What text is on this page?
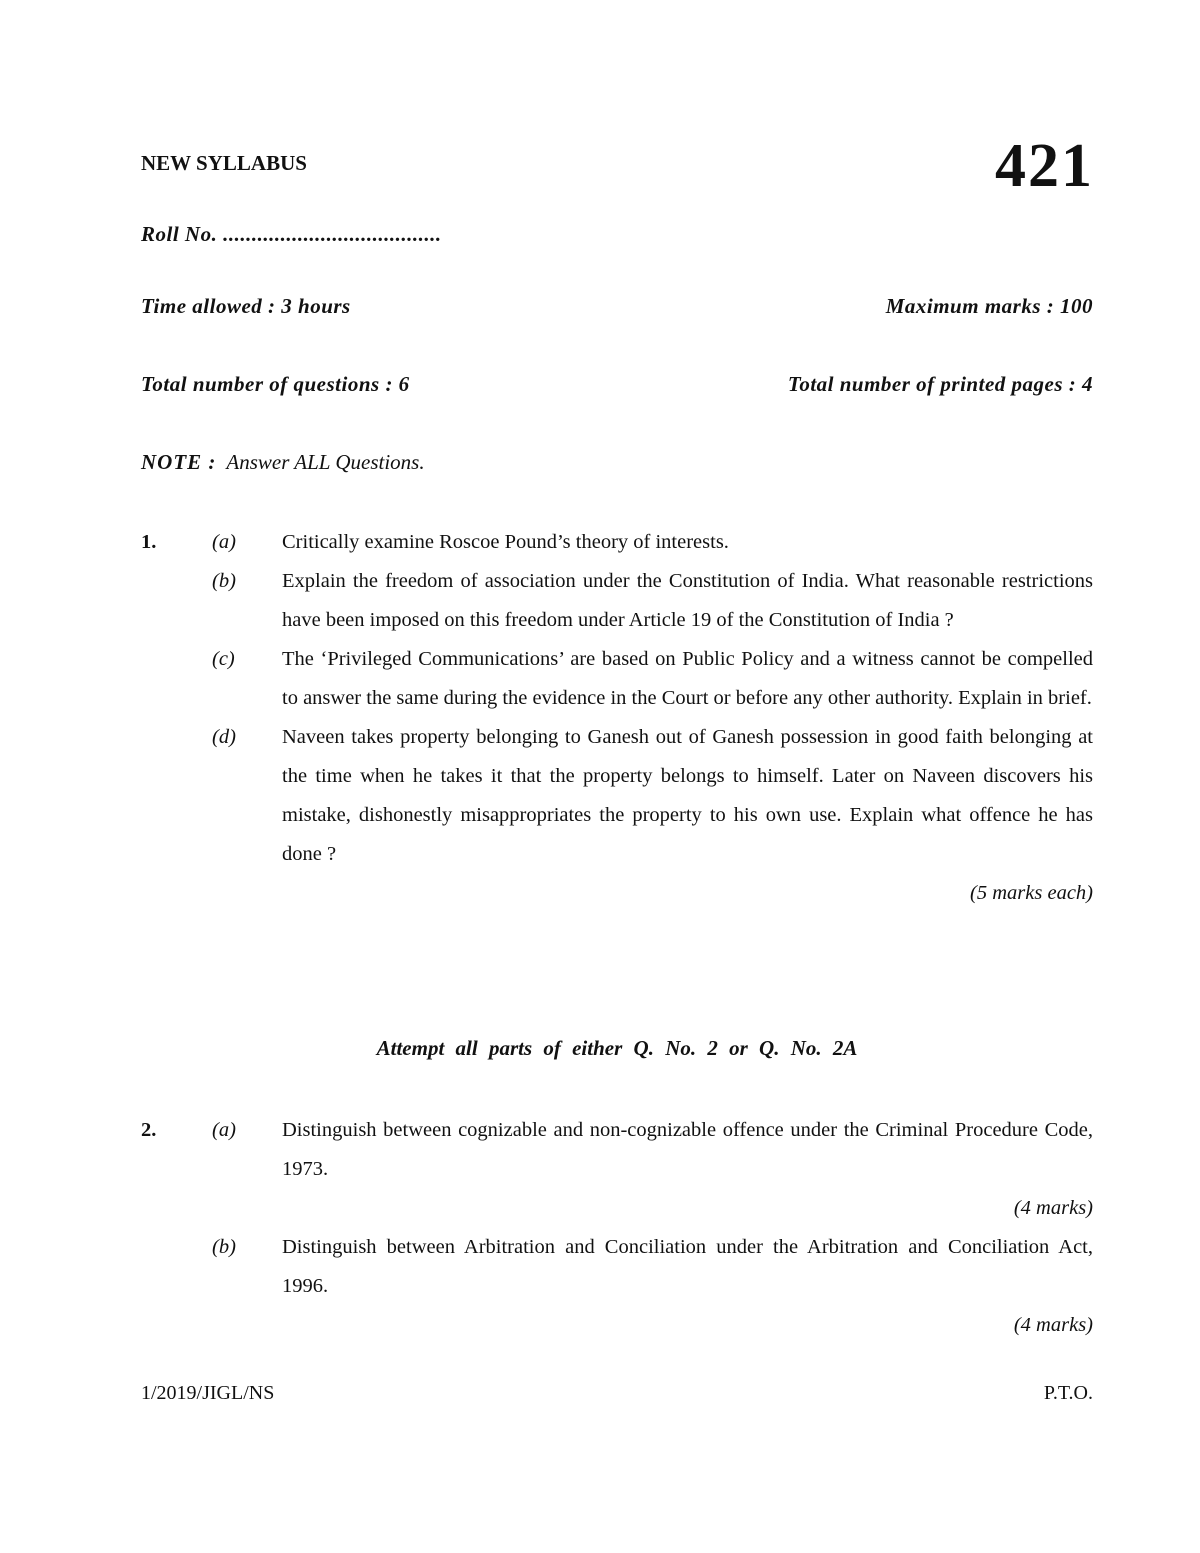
NEW SYLLABUS	421
Roll No. ......................................
Time allowed : 3 hours	Maximum marks : 100
Total number of questions : 6	Total number of printed pages : 4
NOTE : Answer ALL Questions.
1.	(a)	Critically examine Roscoe Pound’s theory of interests.
(b)	Explain the freedom of association under the Constitution of India. What reasonable restrictions have been imposed on this freedom under Article 19 of the Constitution of India ?
(c)	The ‘Privileged Communications’ are based on Public Policy and a witness cannot be compelled to answer the same during the evidence in the Court or before any other authority. Explain in brief.
(d)	Naveen takes property belonging to Ganesh out of Ganesh possession in good faith belonging at the time when he takes it that the property belongs to himself. Later on Naveen discovers his mistake, dishonestly misappropriates the property to his own use. Explain what offence he has done ?
(5 marks each)
Attempt all parts of either Q. No. 2 or Q. No. 2A
2.	(a)	Distinguish between cognizable and non-cognizable offence under the Criminal Procedure Code, 1973.
(4 marks)
(b)	Distinguish between Arbitration and Conciliation under the Arbitration and Conciliation Act, 1996.
(4 marks)
1/2019/JIGL/NS	P.T.O.
